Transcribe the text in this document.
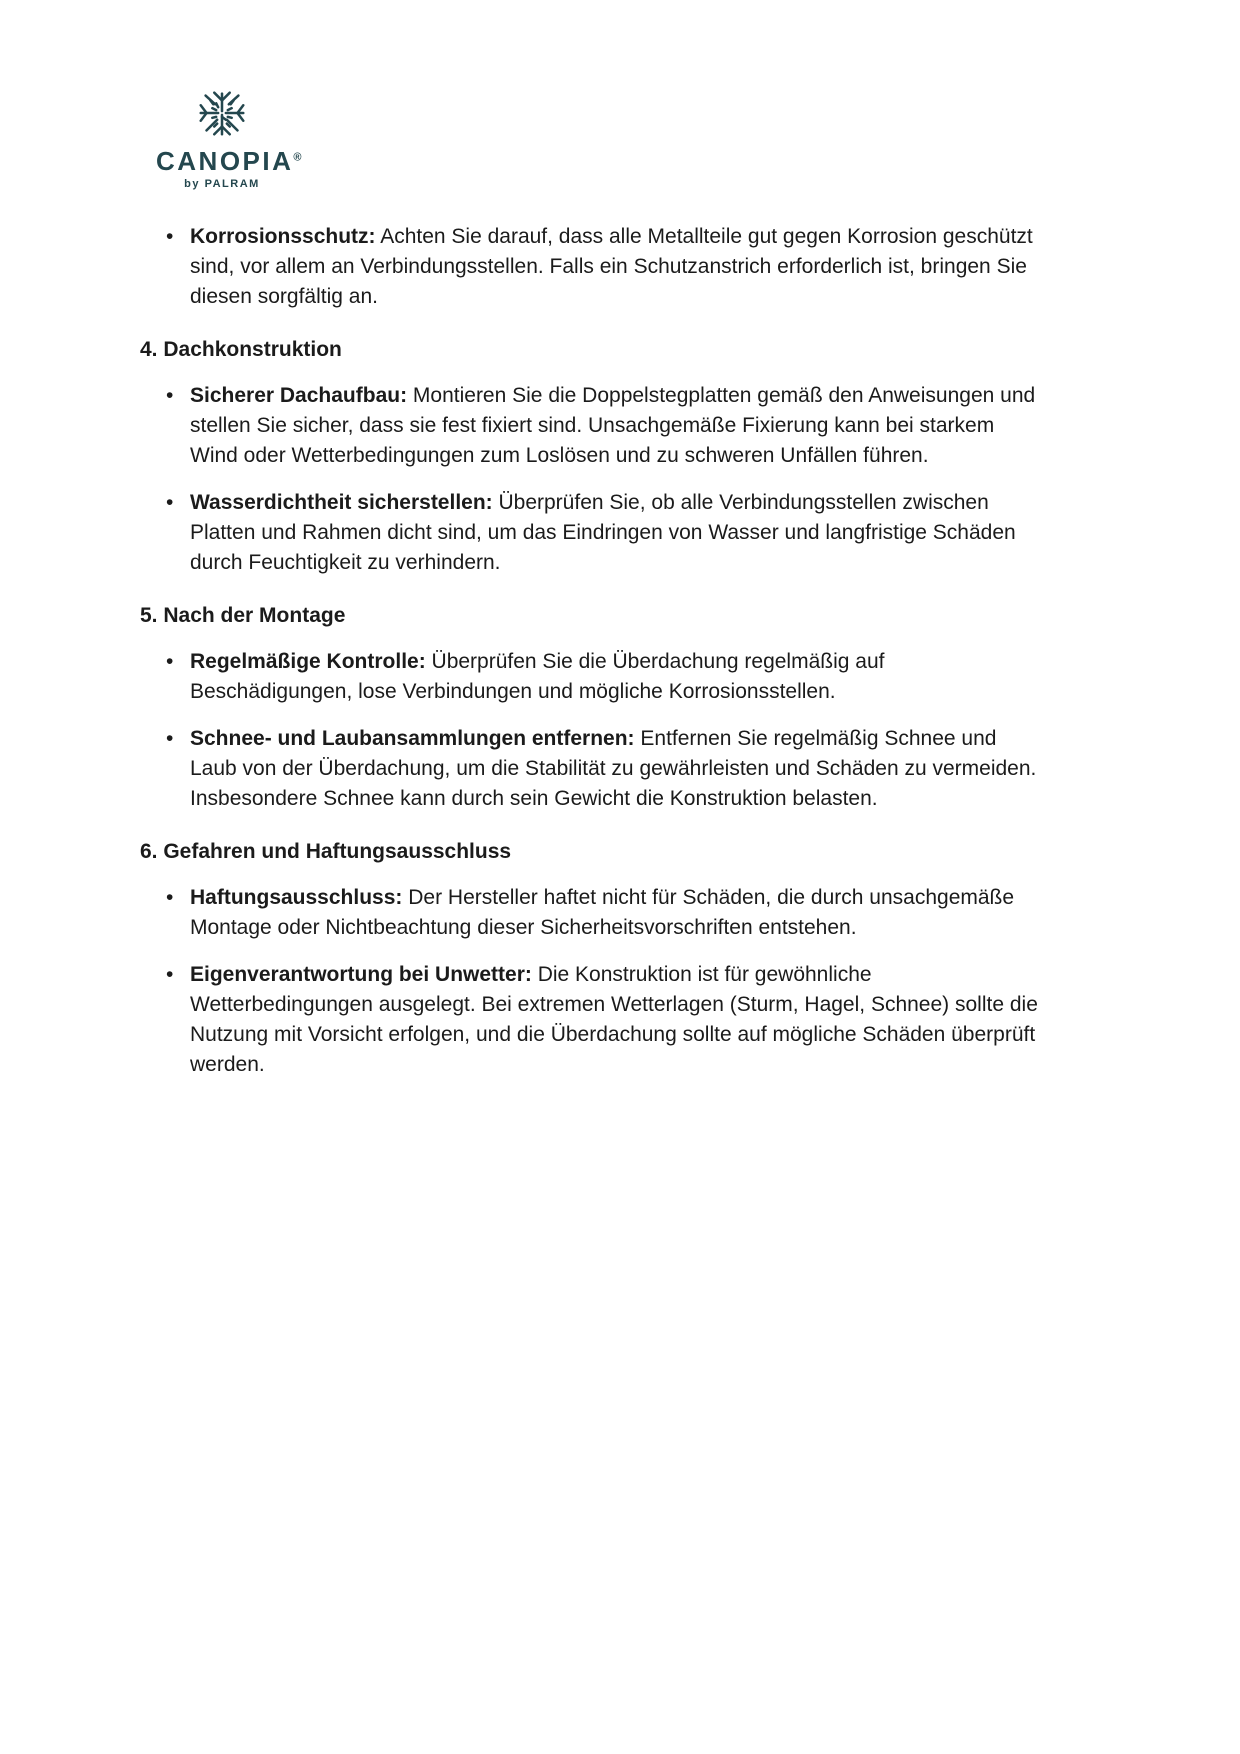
CANOPIA®
by PALRAM
• Korrosionsschutz: Achten Sie darauf, dass alle Metallteile gut gegen Korrosion geschützt sind, vor allem an Verbindungsstellen. Falls ein Schutzanstrich erforderlich ist, bringen Sie diesen sorgfältig an.
4. Dachkonstruktion
• Sicherer Dachaufbau: Montieren Sie die Doppelstegplatten gemäß den Anweisungen und stellen Sie sicher, dass sie fest fixiert sind. Unsachgemäße Fixierung kann bei starkem Wind oder Wetterbedingungen zum Loslösen und zu schweren Unfällen führen.
• Wasserdichtheit sicherstellen: Überprüfen Sie, ob alle Verbindungsstellen zwischen Platten und Rahmen dicht sind, um das Eindringen von Wasser und langfristige Schäden durch Feuchtigkeit zu verhindern.
5. Nach der Montage
• Regelmäßige Kontrolle: Überprüfen Sie die Überdachung regelmäßig auf Beschädigungen, lose Verbindungen und mögliche Korrosionsstellen.
• Schnee- und Laubansammlungen entfernen: Entfernen Sie regelmäßig Schnee und Laub von der Überdachung, um die Stabilität zu gewährleisten und Schäden zu vermeiden. Insbesondere Schnee kann durch sein Gewicht die Konstruktion belasten.
6. Gefahren und Haftungsausschluss
• Haftungsausschluss: Der Hersteller haftet nicht für Schäden, die durch unsachgemäße Montage oder Nichtbeachtung dieser Sicherheitsvorschriften entstehen.
• Eigenverantwortung bei Unwetter: Die Konstruktion ist für gewöhnliche Wetterbedingungen ausgelegt. Bei extremen Wetterlagen (Sturm, Hagel, Schnee) sollte die Nutzung mit Vorsicht erfolgen, und die Überdachung sollte auf mögliche Schäden überprüft werden.
